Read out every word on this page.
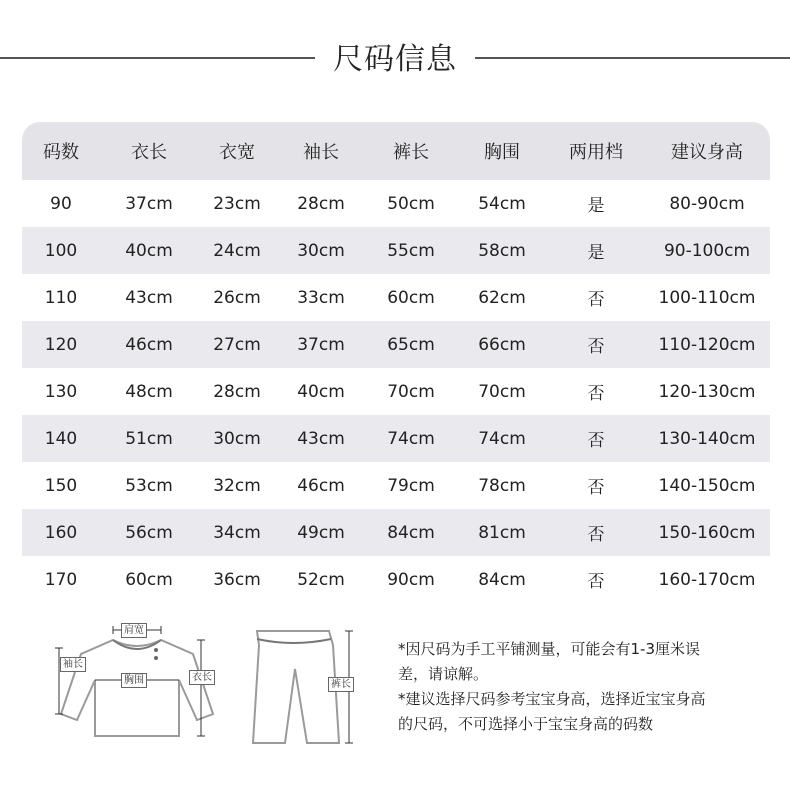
尺码信息
码数	衣长	衣宽	袖长	裤长	胸围	两用档	建议身高
90	37cm	23cm	28cm	50cm	54cm	是	80-90cm
100	40cm	24cm	30cm	55cm	58cm	是	90-100cm
110	43cm	26cm	33cm	60cm	62cm	否	100-110cm
120	46cm	27cm	37cm	65cm	66cm	否	110-120cm
130	48cm	28cm	40cm	70cm	70cm	否	120-130cm
140	51cm	30cm	43cm	74cm	74cm	否	130-140cm
150	53cm	32cm	46cm	79cm	78cm	否	140-150cm
160	56cm	34cm	49cm	84cm	81cm	否	150-160cm
170	60cm	36cm	52cm	90cm	84cm	否	160-170cm
肩宽
胸围
袖长
衣长
裤长

*因尺码为手工平铺测量，可能会有1-3厘米误

差，请谅解。

*建议选择尺码参考宝宝身高，选择近宝宝身高

的尺码，不可选择小于宝宝身高的码数
